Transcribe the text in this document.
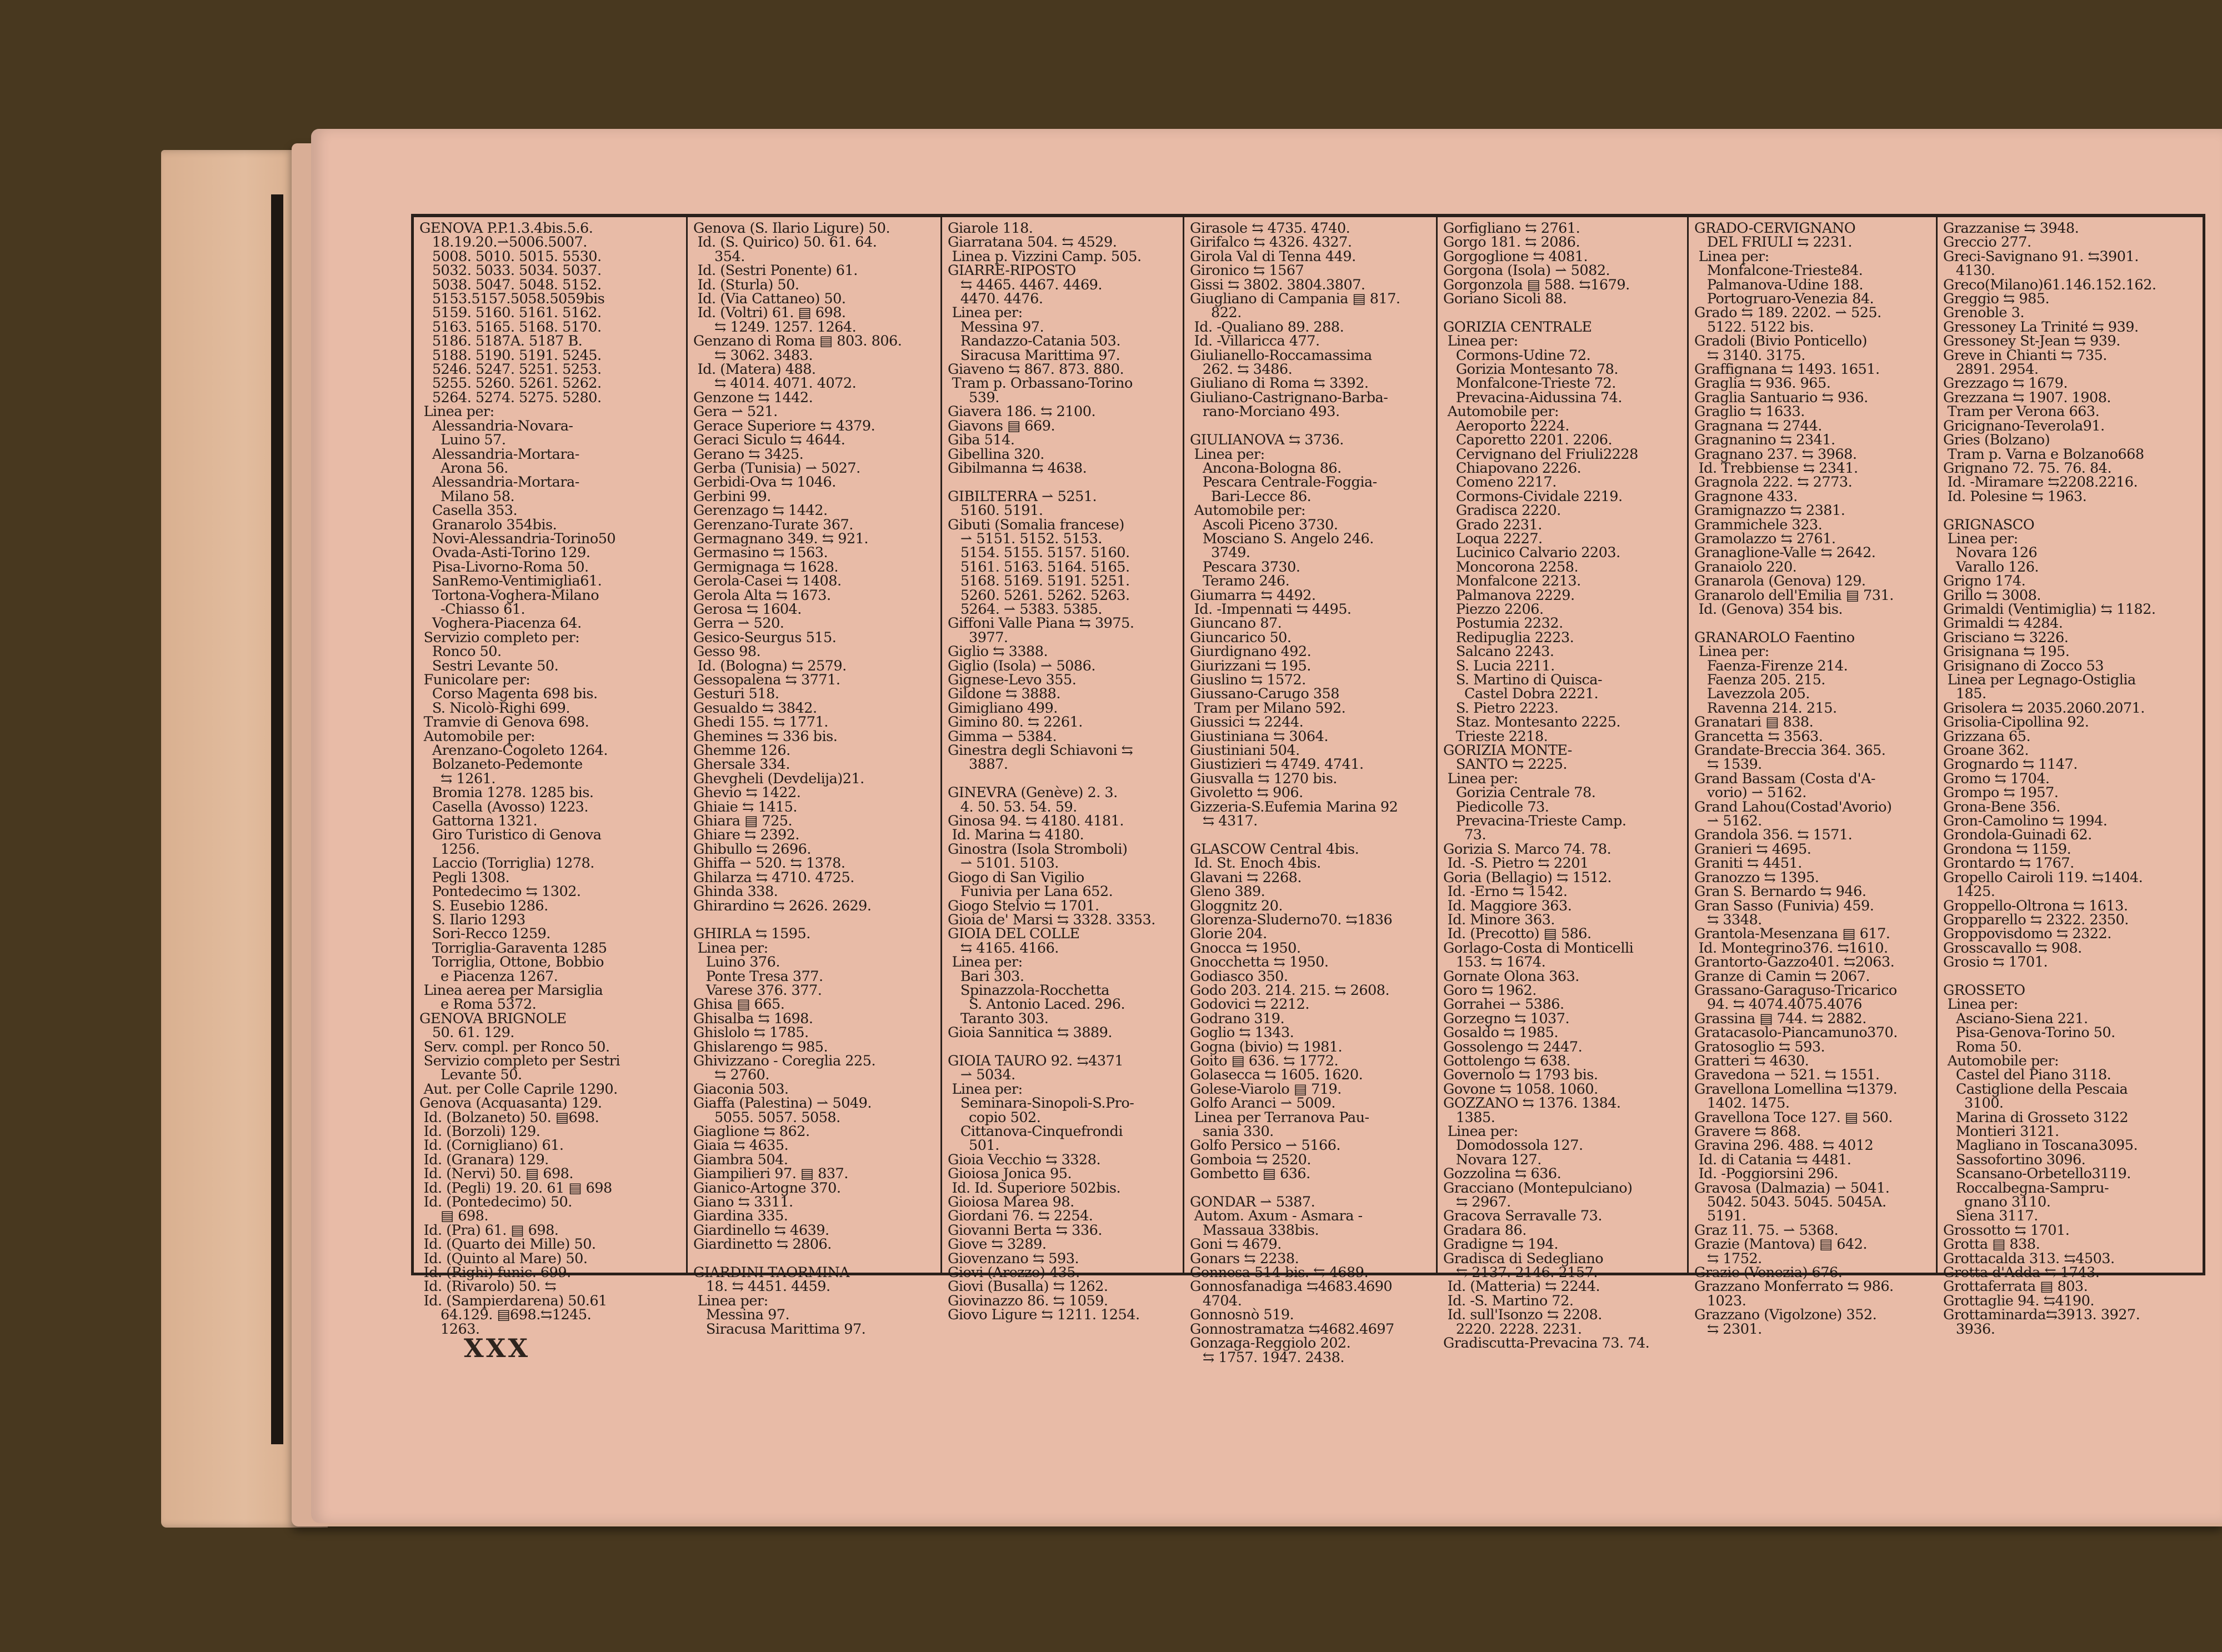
GENOVA P.P.1.3.4bis.5.6.
18.19.20.⇀5006.5007.
5008. 5010. 5015. 5530.
5032. 5033. 5034. 5037.
5038. 5047. 5048. 5152.
5153.5157.5058.5059bis
5159. 5160. 5161. 5162.
5163. 5165. 5168. 5170.
5186. 5187A. 5187 B.
5188. 5190. 5191. 5245.
5246. 5247. 5251. 5253.
5255. 5260. 5261. 5262.
5264. 5274. 5275. 5280.
Linea per:
Alessandria-Novara-
Luino 57.
Alessandria-Mortara-
Arona 56.
Alessandria-Mortara-
Milano 58.
Casella 353.
Granarolo 354bis.
Novi-Alessandria-Torino50
Ovada-Asti-Torino 129.
Pisa-Livorno-Roma 50.
SanRemo-Ventimiglia61.
Tortona-Voghera-Milano
-Chiasso 61.
Voghera-Piacenza 64.
Servizio completo per:
Ronco 50.
Sestri Levante 50.
Funicolare per:
Corso Magenta 698 bis.
S. Nicolò-Righi 699.
Tramvie di Genova 698.
Automobile per:
Arenzano-Cogoleto 1264.
Bolzaneto-Pedemonte
⇆ 1261.
Bromia 1278. 1285 bis.
Casella (Avosso) 1223.
Gattorna 1321.
Giro Turistico di Genova
1256.
Laccio (Torriglia) 1278.
Pegli 1308.
Pontedecimo ⇆ 1302.
S. Eusebio 1286.
S. Ilario 1293
Sori-Recco 1259.
Torriglia-Garaventa 1285
Torriglia, Ottone, Bobbio
e Piacenza 1267.
Linea aerea per Marsiglia
e Roma 5372.
GENOVA BRIGNOLE
50. 61. 129.
Serv. compl. per Ronco 50.
Servizio completo per Sestri
Levante 50.
Aut. per Colle Caprile 1290.
Genova (Acquasanta) 129.
Id. (Bolzaneto) 50. ▤698.
Id. (Borzoli) 129.
Id. (Cornigliano) 61.
Id. (Granara) 129.
Id. (Nervi) 50. ▤ 698.
Id. (Pegli) 19. 20. 61 ▤ 698
Id. (Pontedecimo) 50.
▤ 698.
Id. (Pra) 61. ▤ 698.
Id. (Quarto dei Mille) 50.
Id. (Quinto al Mare) 50.
Id. (Righi) funic. 699.
Id. (Rivarolo) 50. ⇆
Id. (Sampierdarena) 50.61
64.129. ▤698.⇆1245.
1263.
Genova (S. Ilario Ligure) 50.
Id. (S. Quirico) 50. 61. 64.
354.
Id. (Sestri Ponente) 61.
Id. (Sturla) 50.
Id. (Via Cattaneo) 50.
Id. (Voltri) 61. ▤ 698.
⇆ 1249. 1257. 1264.
Genzano di Roma ▤ 803. 806.
⇆ 3062. 3483.
Id. (Matera) 488.
⇆ 4014. 4071. 4072.
Genzone ⇆ 1442.
Gera ⇀ 521.
Gerace Superiore ⇆ 4379.
Geraci Siculo ⇆ 4644.
Gerano ⇆ 3425.
Gerba (Tunisia) ⇀ 5027.
Gerbidi-Ova ⇆ 1046.
Gerbini 99.
Gerenzago ⇆ 1442.
Gerenzano-Turate 367.
Germagnano 349. ⇆ 921.
Germasino ⇆ 1563.
Germignaga ⇆ 1628.
Gerola-Casei ⇆ 1408.
Gerola Alta ⇆ 1673.
Gerosa ⇆ 1604.
Gerra ⇀ 520.
Gesico-Seurgus 515.
Gesso 98.
Id. (Bologna) ⇆ 2579.
Gessopalena ⇆ 3771.
Gesturi 518.
Gesualdo ⇆ 3842.
Ghedi 155. ⇆ 1771.
Ghemines ⇆ 336 bis.
Ghemme 126.
Ghersale 334.
Ghevgheli (Devdelija)21.
Ghevio ⇆ 1422.
Ghiaie ⇆ 1415.
Ghiara ▤ 725.
Ghiare ⇆ 2392.
Ghibullo ⇆ 2696.
Ghiffa ⇀ 520. ⇆ 1378.
Ghilarza ⇆ 4710. 4725.
Ghinda 338.
Ghirardino ⇆ 2626. 2629.

GHIRLA ⇆ 1595.
Linea per:
Luino 376.
Ponte Tresa 377.
Varese 376. 377.
Ghisa ▤ 665.
Ghisalba ⇆ 1698.
Ghislolo ⇆ 1785.
Ghislarengo ⇆ 985.
Ghivizzano - Coreglia 225.
⇆ 2760.
Giaconia 503.
Giaffa (Palestina) ⇀ 5049.
5055. 5057. 5058.
Giaglione ⇆ 862.
Giaia ⇆ 4635.
Giambra 504.
Giampilieri 97. ▤ 837.
Gianico-Artogne 370.
Giano ⇆ 3311.
Giardina 335.
Giardinello ⇆ 4639.
Giardinetto ⇆ 2806.

GIARDINI-TAORMINA
18. ⇆ 4451. 4459.
Linea per:
Messina 97.
Siracusa Marittima 97.
Giarole 118.
Giarratana 504. ⇆ 4529.
Linea p. Vizzini Camp. 505.
GIARRE-RIPOSTO
⇆ 4465. 4467. 4469.
4470. 4476.
Linea per:
Messina 97.
Randazzo-Catania 503.
Siracusa Marittima 97.
Giaveno ⇆ 867. 873. 880.
Tram p. Orbassano-Torino
539.
Giavera 186. ⇆ 2100.
Giavons ▤ 669.
Giba 514.
Gibellina 320.
Gibilmanna ⇆ 4638.

GIBILTERRA ⇀ 5251.
5160. 5191.
Gibuti (Somalia francese)
⇀ 5151. 5152. 5153.
5154. 5155. 5157. 5160.
5161. 5163. 5164. 5165.
5168. 5169. 5191. 5251.
5260. 5261. 5262. 5263.
5264. ⇀ 5383. 5385.
Giffoni Valle Piana ⇆ 3975.
3977.
Giglio ⇆ 3388.
Giglio (Isola) ⇀ 5086.
Gignese-Levo 355.
Gildone ⇆ 3888.
Gimigliano 499.
Gimino 80. ⇆ 2261.
Gimma ⇀ 5384.
Ginestra degli Schiavoni ⇆
3887.

GINEVRA (Genève) 2. 3.
4. 50. 53. 54. 59.
Ginosa 94. ⇆ 4180. 4181.
Id. Marina ⇆ 4180.
Ginostra (Isola Stromboli)
⇀ 5101. 5103.
Giogo di San Vigilio
Funivia per Lana 652.
Giogo Stelvio ⇆ 1701.
Gioia de' Marsi ⇆ 3328. 3353.
GIOIA DEL COLLE
⇆ 4165. 4166.
Linea per:
Bari 303.
Spinazzola-Rocchetta
S. Antonio Laced. 296.
Taranto 303.
Gioia Sannitica ⇆ 3889.

GIOIA TAURO 92. ⇆4371
⇀ 5034.
Linea per:
Seminara-Sinopoli-S.Pro-
copio 502.
Cittanova-Cinquefrondi
501.
Gioia Vecchio ⇆ 3328.
Gioiosa Jonica 95.
Id. Id. Superiore 502bis.
Gioiosa Marea 98.
Giordani 76. ⇆ 2254.
Giovanni Berta ⇆ 336.
Giove ⇆ 3289.
Giovenzano ⇆ 593.
Giovi (Arezzo) 435.
Giovi (Busalla) ⇆ 1262.
Giovinazzo 86. ⇆ 1059.
Giovo Ligure ⇆ 1211. 1254.
Girasole ⇆ 4735. 4740.
Girifalco ⇆ 4326. 4327.
Girola Val di Tenna 449.
Gironico ⇆ 1567
Gissi ⇆ 3802. 3804.3807.
Giugliano di Campania ▤ 817.
822.
Id. -Qualiano 89. 288.
Id. -Villaricca 477.
Giulianello-Roccamassima
262. ⇆ 3486.
Giuliano di Roma ⇆ 3392.
Giuliano-Castrignano-Barba-
rano-Morciano 493.

GIULIANOVA ⇆ 3736.
Linea per:
Ancona-Bologna 86.
Pescara Centrale-Foggia-
Bari-Lecce 86.
Automobile per:
Ascoli Piceno 3730.
Mosciano S. Angelo 246.
3749.
Pescara 3730.
Teramo 246.
Giumarra ⇆ 4492.
Id. -Impennati ⇆ 4495.
Giuncano 87.
Giuncarico 50.
Giurdignano 492.
Giurizzani ⇆ 195.
Giuslino ⇆ 1572.
Giussano-Carugo 358
Tram per Milano 592.
Giussici ⇆ 2244.
Giustiniana ⇆ 3064.
Giustiniani 504.
Giustizieri ⇆ 4749. 4741.
Giusvalla ⇆ 1270 bis.
Givoletto ⇆ 906.
Gizzeria-S.Eufemia Marina 92
⇆ 4317.

GLASCOW Central 4bis.
Id. St. Enoch 4bis.
Glavani ⇆ 2268.
Gleno 389.
Gloggnitz 20.
Glorenza-Sluderno70. ⇆1836
Glorie 204.
Gnocca ⇆ 1950.
Gnocchetta ⇆ 1950.
Godiasco 350.
Godo 203. 214. 215. ⇆ 2608.
Godovici ⇆ 2212.
Godrano 319.
Goglio ⇆ 1343.
Gogna (bivio) ⇆ 1981.
Goito ▤ 636. ⇆ 1772.
Golasecca ⇆ 1605. 1620.
Golese-Viarolo ▤ 719.
Golfo Aranci ⇀ 5009.
Linea per Terranova Pau-
sania 330.
Golfo Persico ⇀ 5166.
Gomboia ⇆ 2520.
Gombetto ▤ 636.

GONDAR ⇀ 5387.
Autom. Axum - Asmara -
Massaua 338bis.
Goni ⇆ 4679.
Gonars ⇆ 2238.
Gonnesa 514 bis. ⇆ 4689.
Gonnosfanadiga ⇆4683.4690
4704.
Gonnosnò 519.
Gonnostramatza ⇆4682.4697
Gonzaga-Reggiolo 202.
⇆ 1757. 1947. 2438.
Gorfigliano ⇆ 2761.
Gorgo 181. ⇆ 2086.
Gorgoglione ⇆ 4081.
Gorgona (Isola) ⇀ 5082.
Gorgonzola ▤ 588. ⇆1679.
Goriano Sicoli 88.

GORIZIA CENTRALE
Linea per:
Cormons-Udine 72.
Gorizia Montesanto 78.
Monfalcone-Trieste 72.
Prevacina-Aidussina 74.
Automobile per:
Aeroporto 2224.
Caporetto 2201. 2206.
Cervignano del Friuli2228
Chiapovano 2226.
Comeno 2217.
Cormons-Cividale 2219.
Gradisca 2220.
Grado 2231.
Loqua 2227.
Lucinico Calvario 2203.
Moncorona 2258.
Monfalcone 2213.
Palmanova 2229.
Piezzo 2206.
Postumia 2232.
Redipuglia 2223.
Salcano 2243.
S. Lucia 2211.
S. Martino di Quisca-
Castel Dobra 2221.
S. Pietro 2223.
Staz. Montesanto 2225.
Trieste 2218.
GORIZIA MONTE-
SANTO ⇆ 2225.
Linea per:
Gorizia Centrale 78.
Piedicolle 73.
Prevacina-Trieste Camp.
73.
Gorizia S. Marco 74. 78.
Id. -S. Pietro ⇆ 2201
Goria (Bellagio) ⇆ 1512.
Id. -Erno ⇆ 1542.
Id. Maggiore 363.
Id. Minore 363.
Id. (Precotto) ▤ 586.
Gorlago-Costa di Monticelli
153. ⇆ 1674.
Gornate Olona 363.
Goro ⇆ 1962.
Gorrahei ⇀ 5386.
Gorzegno ⇆ 1037.
Gosaldo ⇆ 1985.
Gossolengo ⇆ 2447.
Gottolengo ⇆ 638.
Governolo ⇆ 1793 bis.
Govone ⇆ 1058. 1060.
GOZZANO ⇆ 1376. 1384.
1385.
Linea per:
Domodossola 127.
Novara 127.
Gozzolina ⇆ 636.
Gracciano (Montepulciano)
⇆ 2967.
Gracova Serravalle 73.
Gradara 86.
Gradigne ⇆ 194.
Gradisca di Sedegliano
⇆ 2137. 2146. 2157.
Id. (Matteria) ⇆ 2244.
Id. -S. Martino 72.
Id. sull'Isonzo ⇆ 2208.
2220. 2228. 2231.
Gradiscutta-Prevacina 73. 74.
GRADO-CERVIGNANO
DEL FRIULI ⇆ 2231.
Linea per:
Monfalcone-Trieste84.
Palmanova-Udine 188.
Portogruaro-Venezia 84.
Grado ⇆ 189. 2202. ⇀ 525.
5122. 5122 bis.
Gradoli (Bivio Ponticello)
⇆ 3140. 3175.
Graffignana ⇆ 1493. 1651.
Graglia ⇆ 936. 965.
Graglia Santuario ⇆ 936.
Graglio ⇆ 1633.
Gragnana ⇆ 2744.
Gragnanino ⇆ 2341.
Gragnano 237. ⇆ 3968.
Id. Trebbiense ⇆ 2341.
Gragnola 222. ⇆ 2773.
Gragnone 433.
Gramignazzo ⇆ 2381.
Grammichele 323.
Gramolazzo ⇆ 2761.
Granaglione-Valle ⇆ 2642.
Granaiolo 220.
Granarola (Genova) 129.
Granarolo dell'Emilia ▤ 731.
Id. (Genova) 354 bis.

GRANAROLO Faentino
Linea per:
Faenza-Firenze 214.
Faenza 205. 215.
Lavezzola 205.
Ravenna 214. 215.
Granatari ▤ 838.
Grancetta ⇆ 3563.
Grandate-Breccia 364. 365.
⇆ 1539.
Grand Bassam (Costa d'A-
vorio) ⇀ 5162.
Grand Lahou(Costad'Avorio)
⇀ 5162.
Grandola 356. ⇆ 1571.
Granieri ⇆ 4695.
Graniti ⇆ 4451.
Granozzo ⇆ 1395.
Gran S. Bernardo ⇆ 946.
Gran Sasso (Funivia) 459.
⇆ 3348.
Grantola-Mesenzana ▤ 617.
Id. Montegrino376. ⇆1610.
Grantorto-Gazzo401. ⇆2063.
Granze di Camin ⇆ 2067.
Grassano-Garaguso-Tricarico
94. ⇆ 4074.4075.4076
Grassina ▤ 744. ⇆ 2882.
Gratacasolo-Piancamuno370.
Gratosoglio ⇆ 593.
Gratteri ⇆ 4630.
Gravedona ⇀ 521. ⇆ 1551.
Gravellona Lomellina ⇆1379.
1402. 1475.
Gravellona Toce 127. ▤ 560.
Gravere ⇆ 868.
Gravina 296. 488. ⇆ 4012
Id. di Catania ⇆ 4481.
Id. -Poggiorsini 296.
Gravosa (Dalmazia) ⇀ 5041.
5042. 5043. 5045. 5045A.
5191.
Graz 11. 75. ⇀ 5368.
Grazie (Mantova) ▤ 642.
⇆ 1752.
Grazie (Venezia) 676.
Grazzano Monferrato ⇆ 986.
1023.
Grazzano (Vigolzone) 352.
⇆ 2301.
Grazzanise ⇆ 3948.
Greccio 277.
Greci-Savignano 91. ⇆3901.
4130.
Greco(Milano)61.146.152.162.
Greggio ⇆ 985.
Grenoble 3.
Gressoney La Trinité ⇆ 939.
Gressoney St-Jean ⇆ 939.
Greve in Chianti ⇆ 735.
2891. 2954.
Grezzago ⇆ 1679.
Grezzana ⇆ 1907. 1908.
Tram per Verona 663.
Gricignano-Teverola91.
Gries (Bolzano)
Tram p. Varna e Bolzano668
Grignano 72. 75. 76. 84.
Id. -Miramare ⇆2208.2216.
Id. Polesine ⇆ 1963.

GRIGNASCO
Linea per:
Novara 126
Varallo 126.
Grigno 174.
Grillo ⇆ 3008.
Grimaldi (Ventimiglia) ⇆ 1182.
Grimaldi ⇆ 4284.
Grisciano ⇆ 3226.
Grisignana ⇆ 195.
Grisignano di Zocco 53
Linea per Legnago-Ostiglia
185.
Grisolera ⇆ 2035.2060.2071.
Grisolia-Cipollina 92.
Grizzana 65.
Groane 362.
Grognardo ⇆ 1147.
Gromo ⇆ 1704.
Grompo ⇆ 1957.
Grona-Bene 356.
Gron-Camolino ⇆ 1994.
Grondola-Guinadi 62.
Grondona ⇆ 1159.
Grontardo ⇆ 1767.
Gropello Cairoli 119. ⇆1404.
1425.
Groppello-Oltrona ⇆ 1613.
Gropparello ⇆ 2322. 2350.
Groppovisdomo ⇆ 2322.
Grosscavallo ⇆ 908.
Grosio ⇆ 1701.

GROSSETO
Linea per:
Asciano-Siena 221.
Pisa-Genova-Torino 50.
Roma 50.
Automobile per:
Castel del Piano 3118.
Castiglione della Pescaia
3100.
Marina di Grosseto 3122
Montieri 3121.
Magliano in Toscana3095.
Sassofortino 3096.
Scansano-Orbetello3119.
Roccalbegna-Sampru-
gnano 3110.
Siena 3117.
Grossotto ⇆ 1701.
Grotta ▤ 838.
Grottacalda 313. ⇆4503.
Grotta d'Adda ⇆ 1743.
Grottaferrata ▤ 803.
Grottaglie 94. ⇆4190.
Grottaminarda⇆3913. 3927.
3936.
XXX
